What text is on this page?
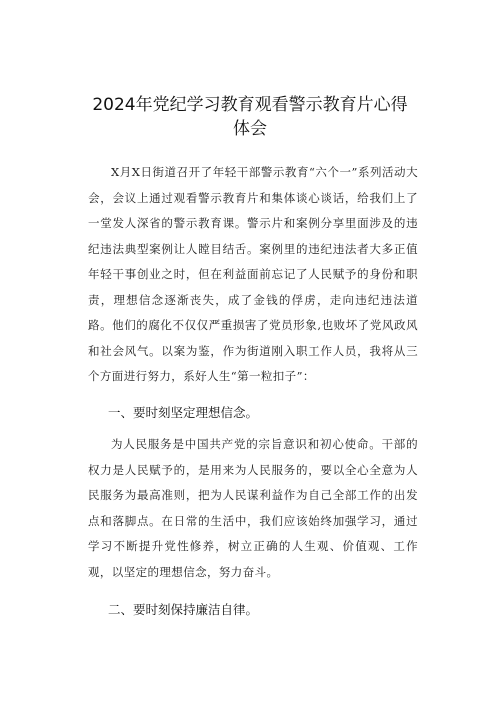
2024年党纪学习教育观看警示教育片心得
体会

X月X日街道召开了年轻干部警示教育“六个一”系列活动大会，会议上通过观看警示教育片和集体谈心谈话，给我们上了一堂发人深省的警示教育课。警示片和案例分享里面涉及的违纪违法典型案例让人瞠目结舌。案例里的违纪违法者大多正值年轻干事创业之时，但在利益面前忘记了人民赋予的身份和职责，理想信念逐渐丧失，成了金钱的俘虏，走向违纪违法道路。他们的腐化不仅仅严重损害了党员形象,也败坏了党风政风和社会风气。以案为鉴，作为街道刚入职工作人员，我将从三个方面进行努力，系好人生“第一粒扣子”：

一、要时刻坚定理想信念。

为人民服务是中国共产党的宗旨意识和初心使命。干部的权力是人民赋予的，是用来为人民服务的，要以全心全意为人民服务为最高准则，把为人民谋利益作为自己全部工作的出发点和落脚点。在日常的生活中，我们应该始终加强学习，通过学习不断提升党性修养，树立正确的人生观、价值观、工作观，以坚定的理想信念，努力奋斗。

二、要时刻保持廉洁自律。
